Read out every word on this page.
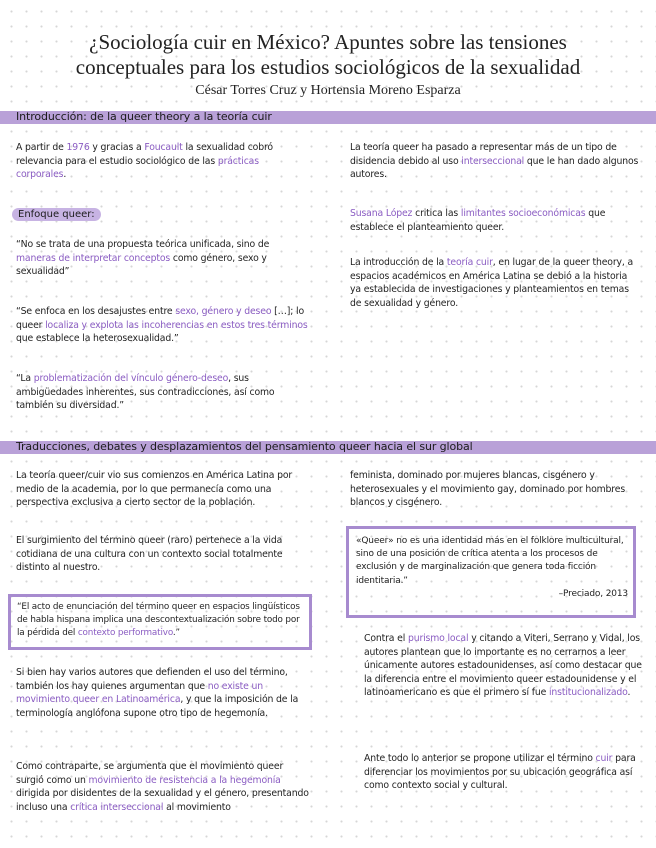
¿Sociología cuir en México? Apuntes sobre las tensiones
conceptuales para los estudios sociológicos de la sexualidad
César Torres Cruz y Hortensia Moreno Esparza
Introducción: de la queer theory a la teoría cuir
A partir de 1976 y gracias a Foucault la sexualidad cobró relevancia para el estudio sociológico de las prácticas corporales.
Enfoque queer:
“No se trata de una propuesta teórica unificada, sino de maneras de interpretar conceptos como género, sexo y sexualidad”
“Se enfoca en los desajustes entre sexo, género y deseo […]; lo queer localiza y explota las incoherencias en estos tres términos que establece la heterosexualidad.”
“La problematización del vínculo género-deseo, sus ambigüedades inherentes, sus contradicciones, así como también su diversidad.”
La teoría queer ha pasado a representar más de un tipo de disidencia debido al uso interseccional que le han dado algunos autores.
Susana López critica las limitantes socioeconómicas que establece el planteamiento queer.
La introducción de la teoría cuir, en lugar de la queer theory, a espacios académicos en América Latina se debió a la historia ya establecida de investigaciones y planteamientos en temas de sexualidad y género.
Traducciones, debates y desplazamientos del pensamiento queer hacia el sur global
La teoría queer/cuir vio sus comienzos en América Latina por medio de la academia, por lo que permanecía como una perspectiva exclusiva a cierto sector de la población.
El surgimiento del término queer (raro) pertenece a la vida cotidiana de una cultura con un contexto social totalmente distinto al nuestro.
“El acto de enunciación del término queer en espacios lingüísticos de habla hispana implica una descontextualización sobre todo por la pérdida del contexto performativo.”
Si bien hay varios autores que defienden el uso del término, también los hay quienes argumentan que no existe un movimiento queer en Latinoamérica, y que la imposición de la terminología anglófona supone otro tipo de hegemonía.
Como contraparte, se argumenta que el movimiento queer surgió como un movimiento de resistencia a la hegemonía dirigida por disidentes de la sexualidad y el género, presentando incluso una crítica interseccional al movimiento
feminista, dominado por mujeres blancas, cisgénero y heterosexuales y el movimiento gay, dominado por hombres blancos y cisgénero.
«Queer» no es una identidad más en el folklore multicultural, sino de una posición de crítica atenta a los procesos de exclusión y de marginalización que genera toda ficción identitaria.”
–Preciado, 2013
Contra el purismo local y citando a Viteri, Serrano y Vidal, los autores plantean que lo importante es no cerrarnos a leer únicamente autores estadounidenses, así como destacar que la diferencia entre el movimiento queer estadounidense y el latinoamericano es que el primero sí fue institucionalizado.
Ante todo lo anterior se propone utilizar el término cuir para diferenciar los movimientos por su ubicación geográfica así como contexto social y cultural.
